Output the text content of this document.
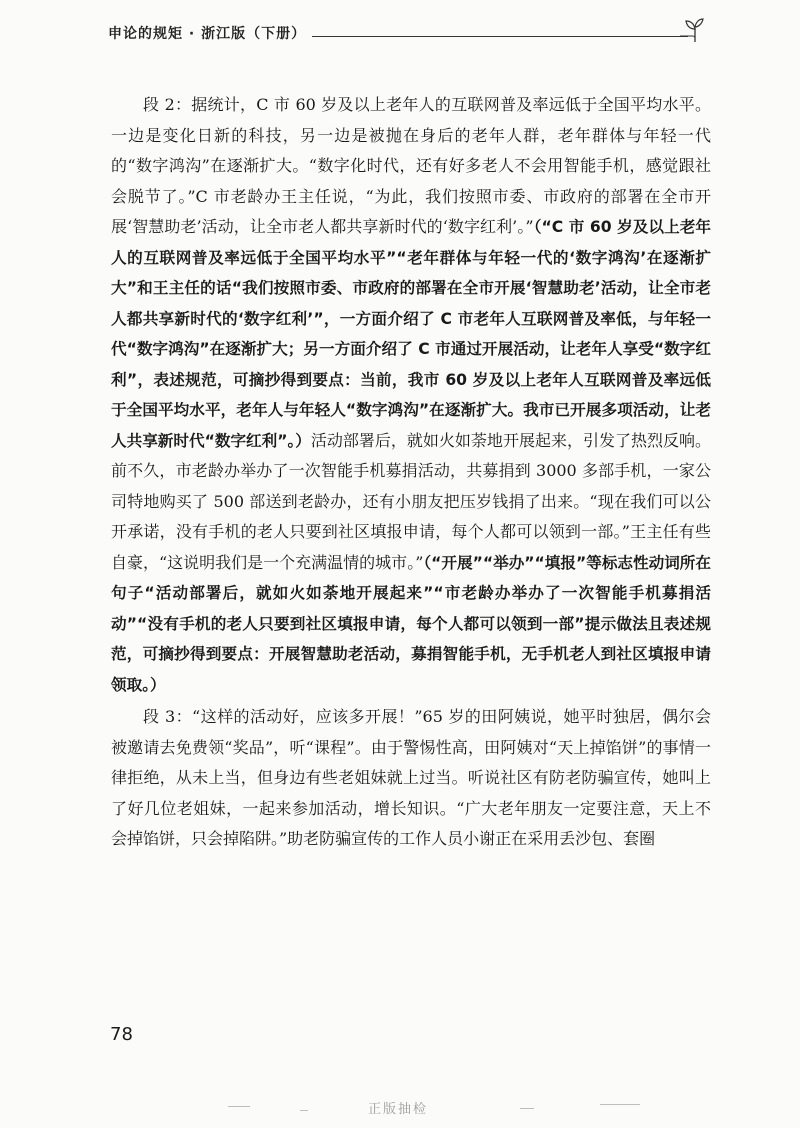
申论的规矩 · 浙江版（下册）

段 2：据统计，C 市 60 岁及以上老年人的互联网普及率远低于全国平均水平。一边是变化日新的科技，另一边是被抛在身后的老年人群，老年群体与年轻一代的“数字鸿沟”在逐渐扩大。“数字化时代，还有好多老人不会用智能手机，感觉跟社会脱节了。”C 市老龄办王主任说，“为此，我们按照市委、市政府的部署在全市开展‘智慧助老’活动，让全市老人都共享新时代的‘数字红利’。”（“C 市 60 岁及以上老年人的互联网普及率远低于全国平均水平”“老年群体与年轻一代的‘数字鸿沟’在逐渐扩大”和王主任的话“我们按照市委、市政府的部署在全市开展‘智慧助老’活动，让全市老人都共享新时代的‘数字红利’”，一方面介绍了 C 市老年人互联网普及率低，与年轻一代“数字鸿沟”在逐渐扩大；另一方面介绍了 C 市通过开展活动，让老年人享受“数字红利”，表述规范，可摘抄得到要点：当前，我市 60 岁及以上老年人互联网普及率远低于全国平均水平，老年人与年轻人“数字鸿沟”在逐渐扩大。我市已开展多项活动，让老人共享新时代“数字红利”。）活动部署后，就如火如荼地开展起来，引发了热烈反响。前不久，市老龄办举办了一次智能手机募捐活动，共募捐到 3000 多部手机，一家公司特地购买了 500 部送到老龄办，还有小朋友把压岁钱捐了出来。“现在我们可以公开承诺，没有手机的老人只要到社区填报申请，每个人都可以领到一部。”王主任有些自豪，“这说明我们是一个充满温情的城市。”（“开展”“举办”“填报”等标志性动词所在句子“活动部署后，就如火如荼地开展起来”“市老龄办举办了一次智能手机募捐活动”“没有手机的老人只要到社区填报申请，每个人都可以领到一部”提示做法且表述规范，可摘抄得到要点：开展智慧助老活动，募捐智能手机，无手机老人到社区填报申请领取。）

段 3：“这样的活动好，应该多开展！”65 岁的田阿姨说，她平时独居，偶尔会被邀请去免费领“奖品”，听“课程”。由于警惕性高，田阿姨对“天上掉馅饼”的事情一律拒绝，从未上当，但身边有些老姐妹就上过当。听说社区有防老防骗宣传，她叫上了好几位老姐妹，一起来参加活动，增长知识。“广大老年朋友一定要注意，天上不会掉馅饼，只会掉陷阱。”助老防骗宣传的工作人员小谢正在采用丢沙包、套圈

78
正版抽检
